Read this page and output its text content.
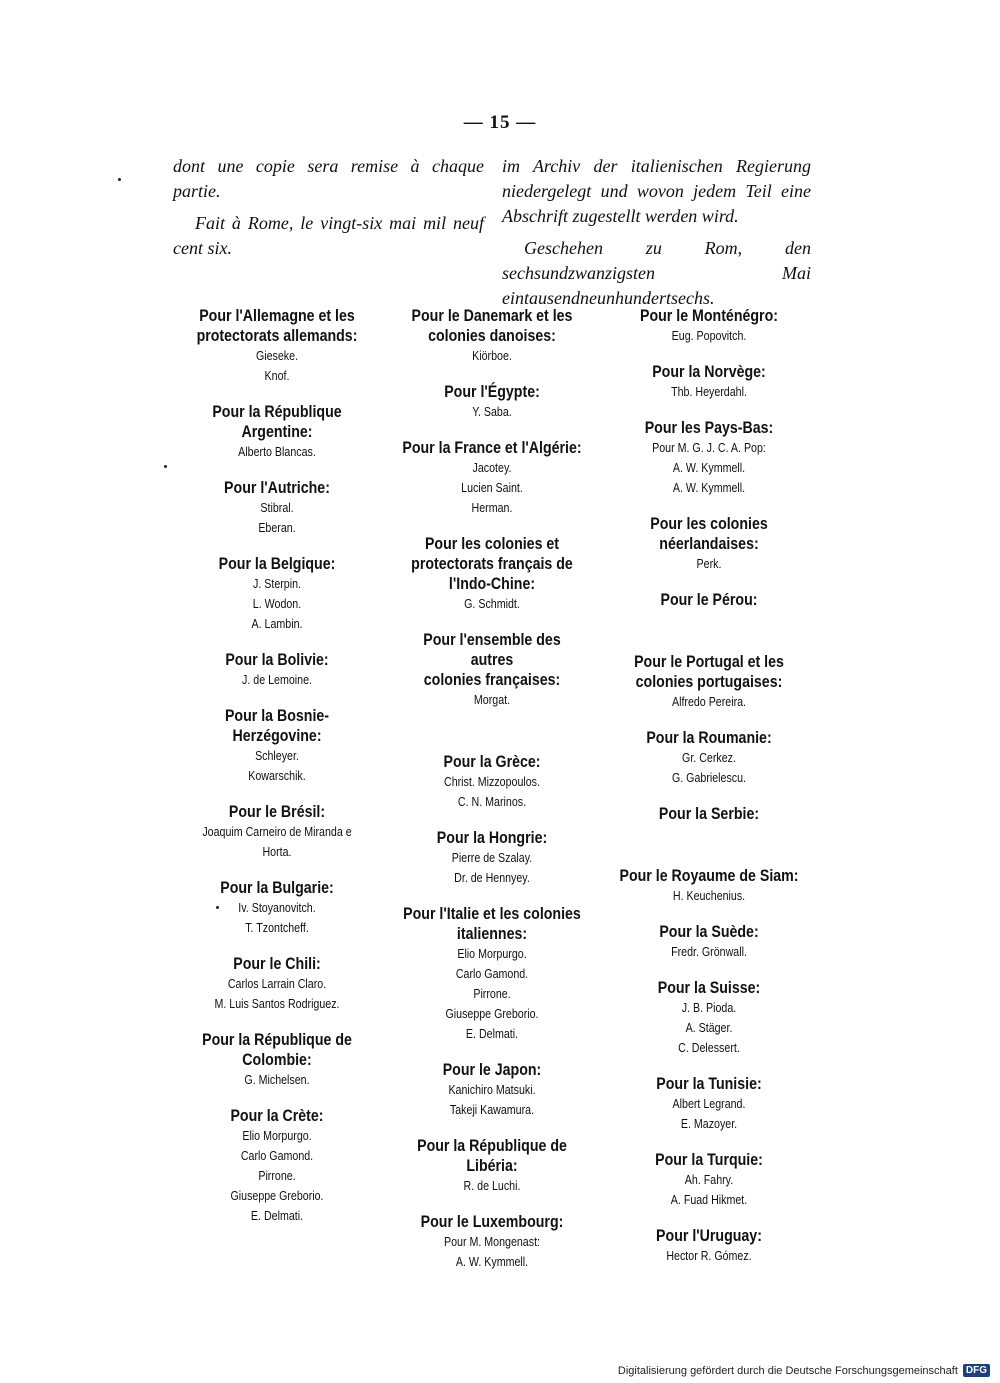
— 15 —

dont une copie sera remise à chaque partie.

Fait à Rome, le vingt-six mai mil neuf cent six.

im Archiv der italienischen Regierung niedergelegt und wovon jedem Teil eine Abschrift zugestellt werden wird.

Geschehen zu Rom, den sechsundzwanzigsten Mai eintausendneunhundertsechs.

Pour l'Allemagne et les
protectorats allemands:
Gieseke.
Knof.
Pour la République
Argentine:
Alberto Blancas.
Pour l'Autriche:
Stibral.
Eberan.
Pour la Belgique:
J. Sterpin.
L. Wodon.
A. Lambin.
Pour la Bolivie:
J. de Lemoine.
Pour la Bosnie-Herzégovine:
Schleyer.
Kowarschik.
Pour le Brésil:
Joaquim Carneiro de Miranda e Horta.
Pour la Bulgarie:
Iv. Stoyanovitch.
T. Tzontcheff.
Pour le Chili:
Carlos Larrain Claro.
M. Luis Santos Rodriguez.
Pour la République de
Colombie:
G. Michelsen.
Pour la Crète:
Elio Morpurgo.
Carlo Gamond.
Pirrone.
Giuseppe Greborio.
E. Delmati.
Pour le Danemark et les
colonies danoises:
Kiörboe.
Pour l'Égypte:
Y. Saba.
Pour la France et l'Algérie:
Jacotey.
Lucien Saint.
Herman.
Pour les colonies et
protectorats français de
l'Indo-Chine:
G. Schmidt.
Pour l'ensemble des autres
colonies françaises:
Morgat.
Pour la Grèce:
Christ. Mizzopoulos.
C. N. Marinos.
Pour la Hongrie:
Pierre de Szalay.
Dr. de Hennyey.
Pour l'Italie et les colonies
italiennes:
Elio Morpurgo.
Carlo Gamond.
Pirrone.
Giuseppe Greborio.
E. Delmati.
Pour le Japon:
Kanichiro Matsuki.
Takeji Kawamura.
Pour la République de
Libéria:
R. de Luchi.
Pour le Luxembourg:
Pour M. Mongenast:
A. W. Kymmell.
Pour le Monténégro:
Eug. Popovitch.
Pour la Norvège:
Thb. Heyerdahl.
Pour les Pays-Bas:
Pour M. G. J. C. A. Pop:
A. W. Kymmell.
A. W. Kymmell.
Pour les colonies
néerlandaises:
Perk.
Pour le Pérou:
Pour le Portugal et les
colonies portugaises:
Alfredo Pereira.
Pour la Roumanie:
Gr. Cerkez.
G. Gabrielescu.
Pour la Serbie:
Pour le Royaume de Siam:
H. Keuchenius.
Pour la Suède:
Fredr. Grönwall.
Pour la Suisse:
J. B. Pioda.
A. Stäger.
C. Delessert.
Pour la Tunisie:
Albert Legrand.
E. Mazoyer.
Pour la Turquie:
Ah. Fahry.
A. Fuad Hikmet.
Pour l'Uruguay:
Hector R. Gómez.
Digitalisierung gefördert durch die Deutsche Forschungsgemeinschaft DFG
